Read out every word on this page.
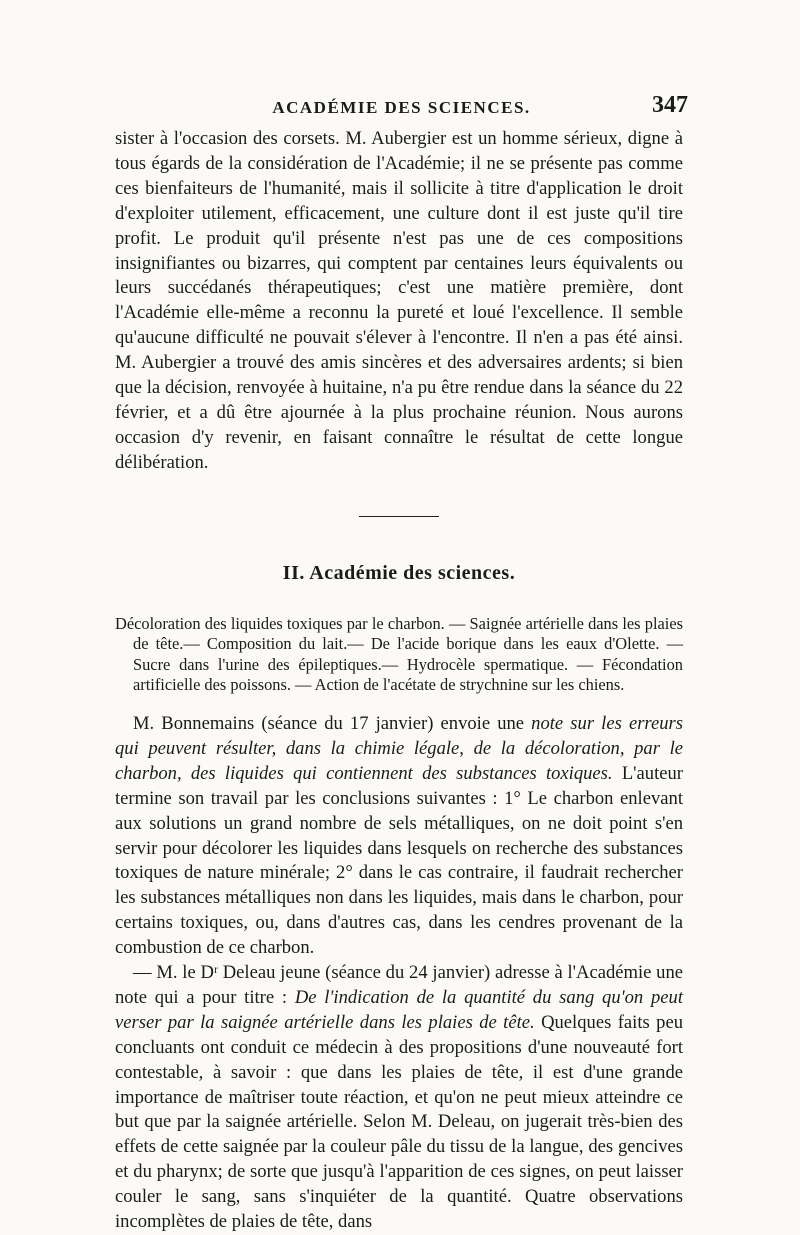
ACADÉMIE DES SCIENCES.	347

sister à l'occasion des corsets. M. Aubergier est un homme sérieux, digne à tous égards de la considération de l'Académie; il ne se présente pas comme ces bienfaiteurs de l'humanité, mais il sollicite à titre d'application le droit d'exploiter utilement, efficacement, une culture dont il est juste qu'il tire profit. Le produit qu'il présente n'est pas une de ces compositions insignifiantes ou bizarres, qui comptent par centaines leurs équivalents ou leurs succédanés thérapeutiques; c'est une matière première, dont l'Académie elle-même a reconnu la pureté et loué l'excellence. Il semble qu'aucune difficulté ne pouvait s'élever à l'encontre. Il n'en a pas été ainsi. M. Aubergier a trouvé des amis sincères et des adversaires ardents; si bien que la décision, renvoyée à huitaine, n'a pu être rendue dans la séance du 22 février, et a dû être ajournée à la plus prochaine réunion. Nous aurons occasion d'y revenir, en faisant connaître le résultat de cette longue délibération.

II. Académie des sciences.

Décoloration des liquides toxiques par le charbon. — Saignée artérielle dans les plaies de tête.— Composition du lait.— De l'acide borique dans les eaux d'Olette. —Sucre dans l'urine des épileptiques.— Hydrocèle spermatique. — Fécondation artificielle des poissons. — Action de l'acétate de strychnine sur les chiens.

M. Bonnemains (séance du 17 janvier) envoie une note sur les erreurs qui peuvent résulter, dans la chimie légale, de la décoloration, par le charbon, des liquides qui contiennent des substances toxiques. L'auteur termine son travail par les conclusions suivantes : 1° Le charbon enlevant aux solutions un grand nombre de sels métalliques, on ne doit point s'en servir pour décolorer les liquides dans lesquels on recherche des substances toxiques de nature minérale; 2° dans le cas contraire, il faudrait rechercher les substances métalliques non dans les liquides, mais dans le charbon, pour certains toxiques, ou, dans d'autres cas, dans les cendres provenant de la combustion de ce charbon.

— M. le Dʳ Deleau jeune (séance du 24 janvier) adresse à l'Académie une note qui a pour titre : De l'indication de la quantité du sang qu'on peut verser par la saignée artérielle dans les plaies de tête. Quelques faits peu concluants ont conduit ce médecin à des propositions d'une nouveauté fort contestable, à savoir : que dans les plaies de tête, il est d'une grande importance de maîtriser toute réaction, et qu'on ne peut mieux atteindre ce but que par la saignée artérielle. Selon M. Deleau, on jugerait très-bien des effets de cette saignée par la couleur pâle du tissu de la langue, des gencives et du pharynx; de sorte que jusqu'à l'apparition de ces signes, on peut laisser couler le sang, sans s'inquiéter de la quantité. Quatre observations incomplètes de plaies de tête, dans
